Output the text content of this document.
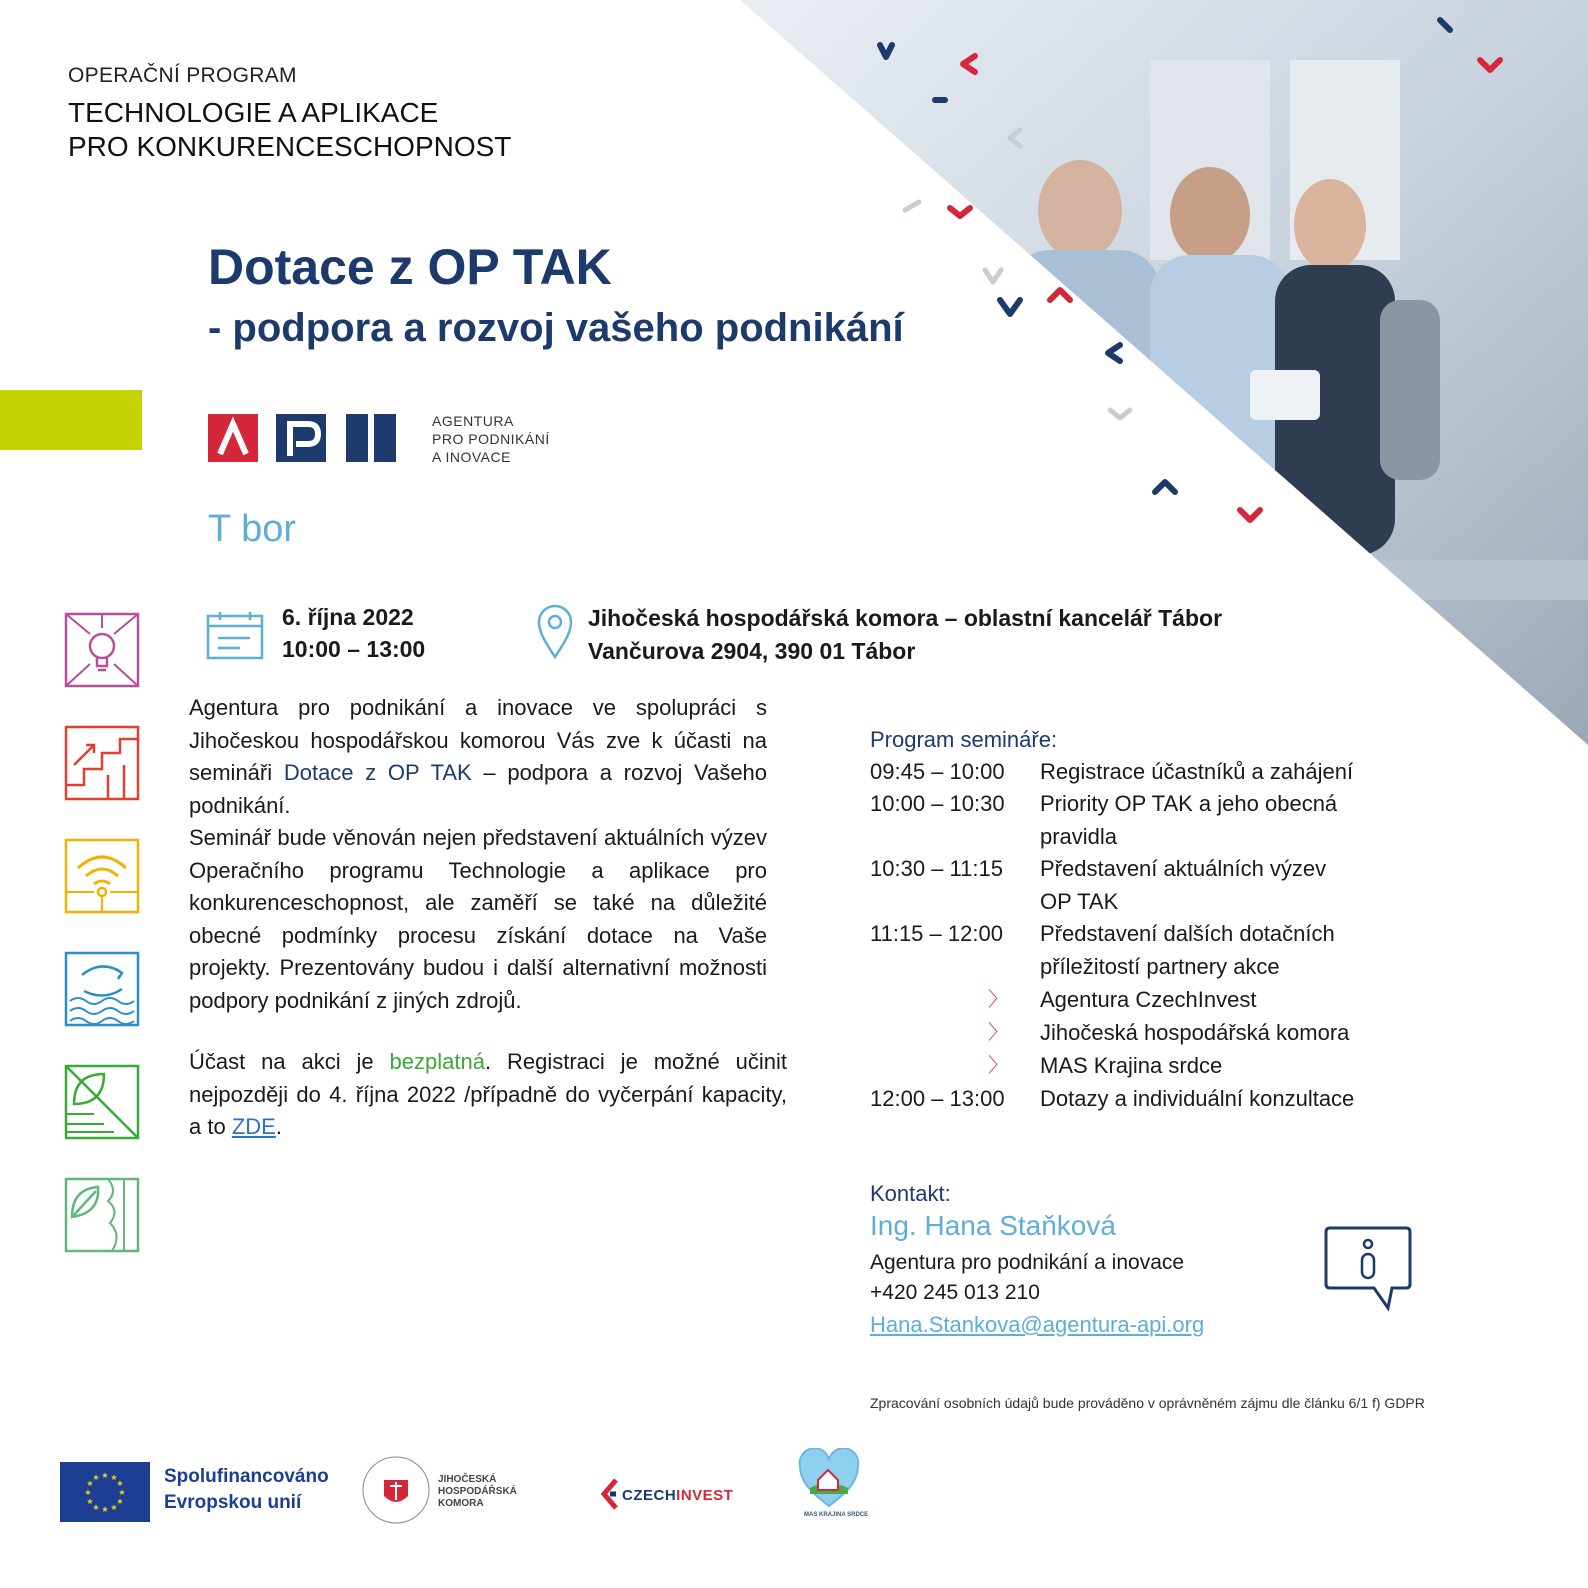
OPERAČNÍ PROGRAM
TECHNOLOGIE A APLIKACE
PRO KONKURENCESCHOPNOST
Dotace z OP TAK
- podpora a rozvoj vašeho podnikání
AGENTURA
PRO PODNIKÁNÍ
A INOVACE
T bor
6. října 2022
10:00 – 13:00
Jihočeská hospodářská komora – oblastní kancelář Tábor
Vančurova 2904, 390 01 Tábor

Agentura pro podnikání a inovace ve spolupráci s Jihočeskou hospodářskou komorou Vás zve k účasti na semináři Dotace z OP TAK – podpora a rozvoj Vašeho podnikání.

Seminář bude věnován nejen představení aktuálních výzev Operačního programu Technologie a aplikace pro konkurenceschopnost, ale zaměří se také na důležité obecné podmínky procesu získání dotace na Vaše projekty. Prezentovány budou i další alternativní možnosti podpory podnikání z jiných zdrojů.

Účast na akci je bezplatná. Registraci je možné učinit nejpozději do 4. října 2022 /případně do vyčerpání kapacity, a to ZDE.
Program semináře:
09:45 – 10:00	Registrace účastníků a zahájení
10:00 – 10:30	Priority OP TAK a jeho obecná pravidla
10:30 – 11:15	Představení aktuálních výzev OP TAK
11:15 – 12:00	Představení dalších dotačních příležitostí partnery akce
〉 Agentura CzechInvest
〉 Jihočeská hospodářská komora
〉 MAS Krajina srdce
12:00 – 13:00	Dotazy a individuální konzultace
Kontakt:
Ing. Hana Staňková
Agentura pro podnikání a inovace
+420 245 013 210
Hana.Stankova@agentura-api.org
Zpracování osobních údajů bude prováděno v oprávněném zájmu dle článku 6/1 f) GDPR
★ ★
★
★
★
★
★
★
★
★
★
★	Spolufinancováno
Evropskou unií
JIHOČESKÁ
HOSPODÁŘSKÁ
KOMORA	CZECHINVEST
MAS KRAJINA SRDCE
